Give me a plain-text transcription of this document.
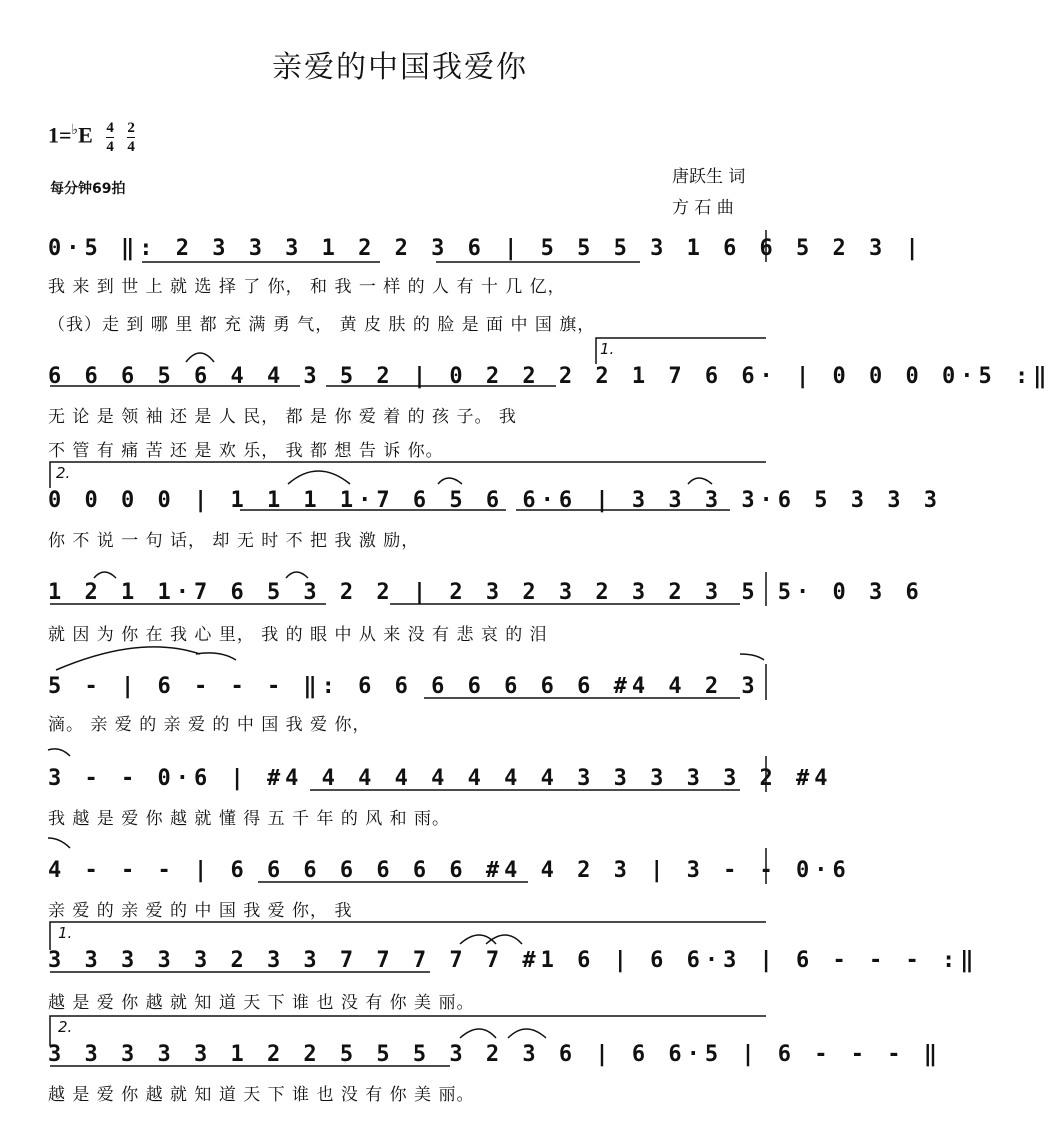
亲爱的中国我爱你
$1=^♭E \frac{4}{4}$
$\frac{2}{4}$
每分钟69拍
唐跃生 词
方 石 曲
0·5 ‖: 2 3 3 3 1 2 2 3 6 | 5 5 5 3 1 6 6 5 2 3 |
我 来 到 世 上 就 选 择 了 你， 和 我 一 样 的 人 有 十 几 亿，
（我）走 到 哪 里 都 充 满 勇 气， 黄 皮 肤 的 脸 是 面 中 国 旗，
1.
6 6 6 5 6 4 4 3 5 2 | 0 2 2 2 2 1 7 6 6· | 0 0 0 0·5 :‖
无 论 是 领 袖 还 是 人 民， 都 是 你 爱 着 的 孩 子。 我
不 管 有 痛 苦 还 是 欢 乐， 我 都 想 告 诉 你。
2.
0 0 0 0 | 1 1 1 1·7 6 5 6 6·6 | 3 3 3 3·6 5 3 3 3
你 不 说 一 句 话， 却 无 时 不 把 我 激 励，
1 2 1 1·7 6 5 3 2 2 | 2 3 2 3 2 3 2 3 5 5· 0 3 6
就 因 为 你 在 我 心 里， 我 的 眼 中 从 来 没 有 悲 哀 的 泪
5 - | 6 - - - ‖: 6 6 6 6 6 6 6 #4 4 2 3
滴。 亲 爱 的 亲 爱 的 中 国 我 爱 你，
3 - - 0·6 | #4 4 4 4 4 4 4 4 3 3 3 3 3 2 #4
我 越 是 爱 你 越 就 懂 得 五 千 年 的 风 和 雨。
4 - - - | 6 6 6 6 6 6 6 #4 4 2 3 | 3 - - 0·6
亲 爱 的 亲 爱 的 中 国 我 爱 你， 我
1.
3 3 3 3 3 2 3 3 7 7 7 7 7 #1 6 | 6 6·3 | 6 - - - :‖
越 是 爱 你 越 就 知 道 天 下 谁 也 没 有 你 美 丽。
2.
3 3 3 3 3 1 2 2 5 5 5 3 2 3 6 | 6 6·5 | 6 - - - ‖
越 是 爱 你 越 就 知 道 天 下 谁 也 没 有 你 美 丽。
